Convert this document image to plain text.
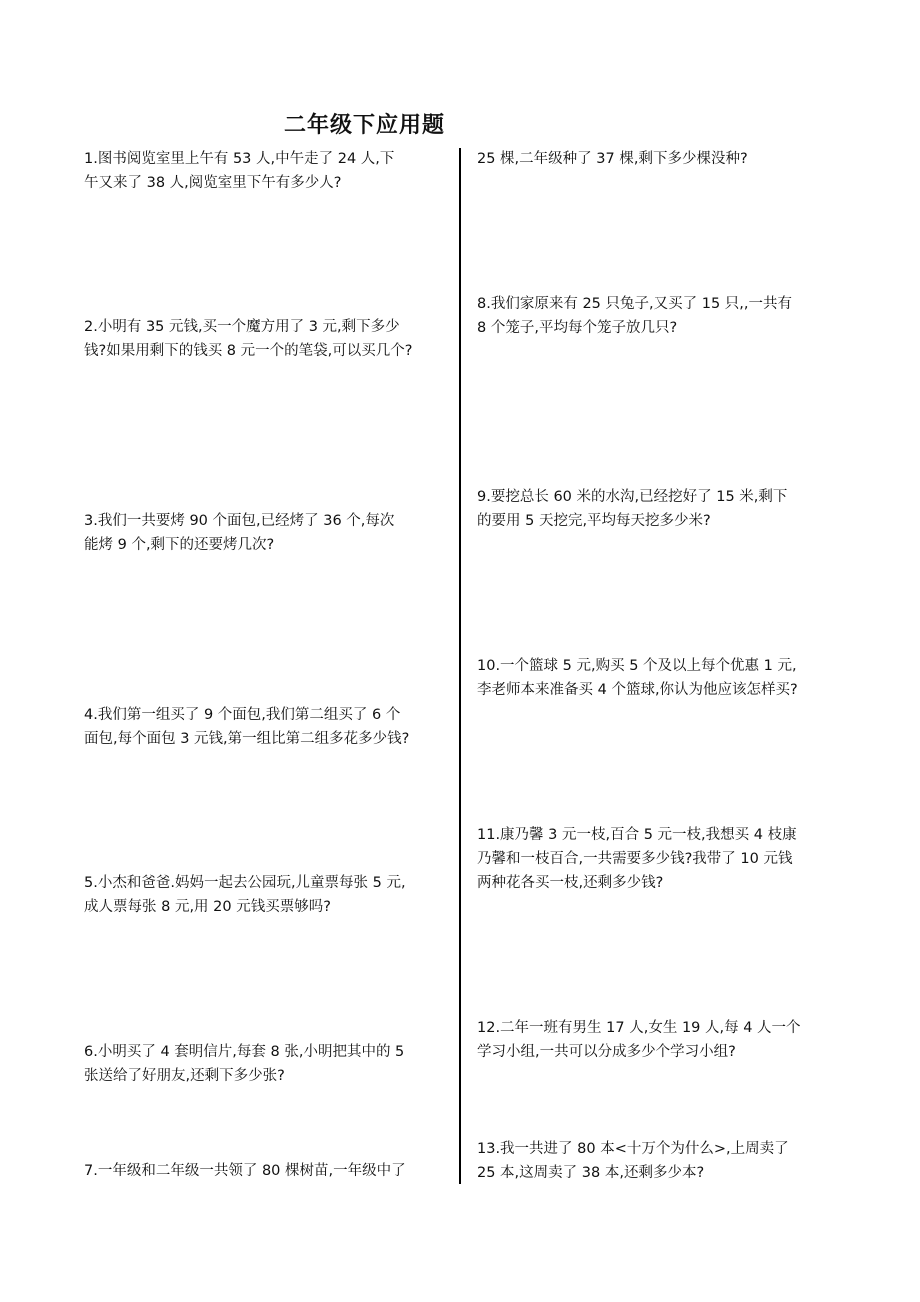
二年级下应用题
1.图书阅览室里上午有 53 人,中午走了 24 人,下
午又来了 38 人,阅览室里下午有多少人?
2.小明有 35 元钱,买一个魔方用了 3 元,剩下多少
钱?如果用剩下的钱买 8 元一个的笔袋,可以买几个?
3.我们一共要烤 90 个面包,已经烤了 36 个,每次
能烤 9 个,剩下的还要烤几次?
4.我们第一组买了 9 个面包,我们第二组买了 6 个
面包,每个面包 3 元钱,第一组比第二组多花多少钱?
5.小杰和爸爸.妈妈一起去公园玩,儿童票每张 5 元,
成人票每张 8 元,用 20 元钱买票够吗?
6.小明买了 4 套明信片,每套 8 张,小明把其中的 5
张送给了好朋友,还剩下多少张?
7.一年级和二年级一共领了 80 棵树苗,一年级中了
25 棵,二年级种了 37 棵,剩下多少棵没种?
8.我们家原来有 25 只兔子,又买了 15 只,,一共有
8 个笼子,平均每个笼子放几只?
9.要挖总长 60 米的水沟,已经挖好了 15 米,剩下
的要用 5 天挖完,平均每天挖多少米?
10.一个篮球 5 元,购买 5 个及以上每个优惠 1 元,
李老师本来准备买 4 个篮球,你认为他应该怎样买?
11.康乃馨 3 元一枝,百合 5 元一枝,我想买 4 枝康
乃馨和一枝百合,一共需要多少钱?我带了 10 元钱
两种花各买一枝,还剩多少钱?
12.二年一班有男生 17 人,女生 19 人,每 4 人一个
学习小组,一共可以分成多少个学习小组?
13.我一共进了 80 本<十万个为什么>,上周卖了
25 本,这周卖了 38 本,还剩多少本?
